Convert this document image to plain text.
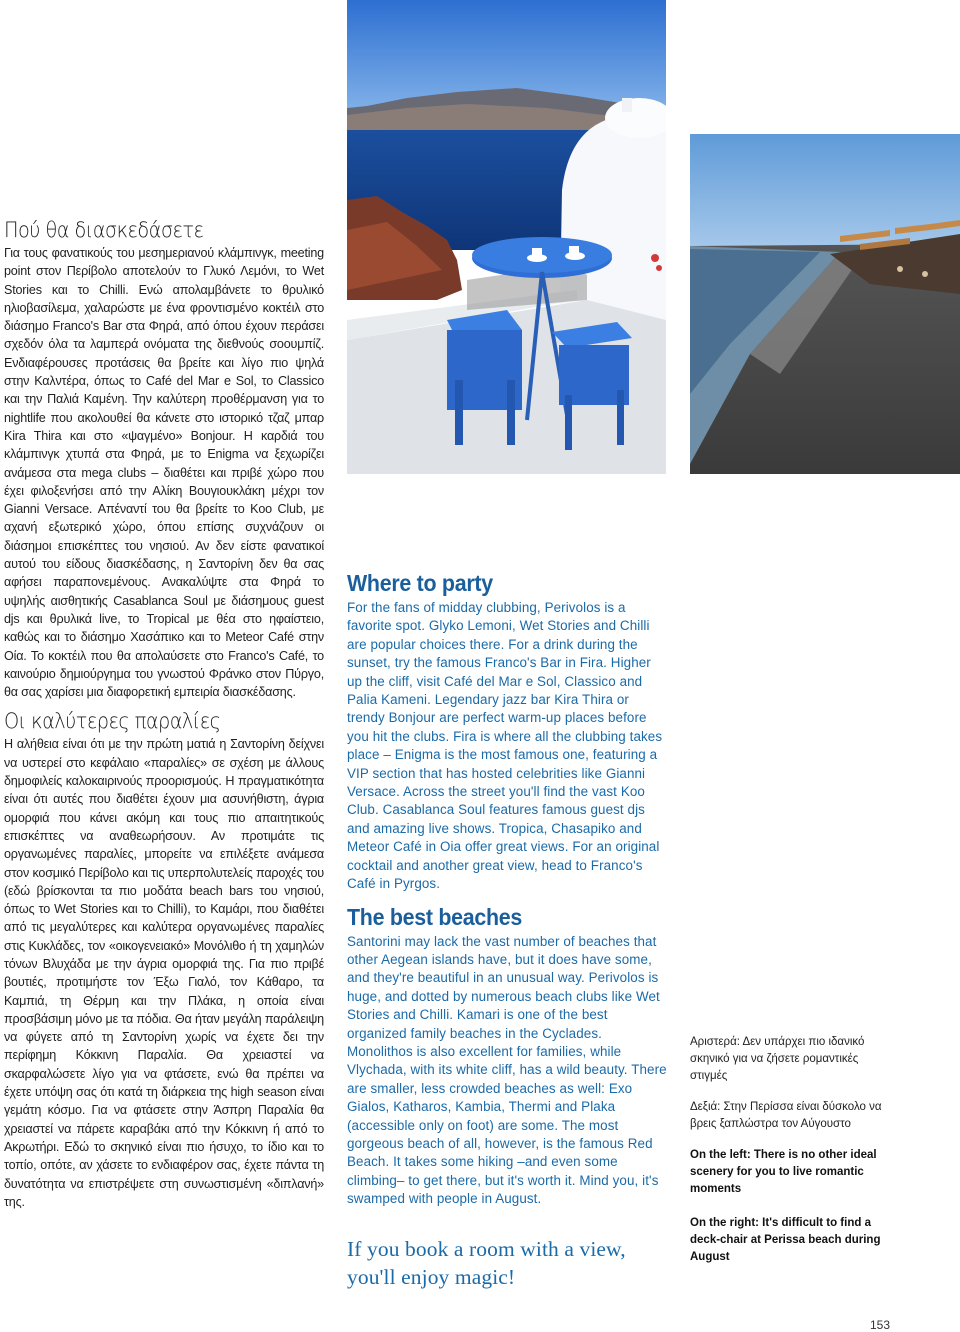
Πού θα διασκεδάσετε

Για τους φανατικούς του μεσημεριανού κλάμπινγκ, meeting point στον Περίβολο αποτελούν το Γλυκό Λεμόνι, το Wet Stories και το Chilli. Ενώ απολαμβάνετε το θρυλικό ηλιοβασίλεμα, χαλαρώστε με ένα φροντισμένο κοκτέιλ στο διάσημο Franco's Bar στα Φηρά, από όπου έχουν περάσει σχεδόν όλα τα λαμπερά ονόματα της διεθνούς σοουμπίζ. Ενδιαφέρουσες προτάσεις θα βρείτε και λίγο πιο ψηλά στην Καλντέρα, όπως το Café del Mar e Sol, το Classico και την Παλιά Καμένη. Την καλύτερη προθέρμανση για το nightlife που ακολουθεί θα κάνετε στο ιστορικό τζαζ μπαρ Kira Thira και στο «ψαγμένο» Bonjour. Η καρδιά του κλάμπινγκ χτυπά στα Φηρά, με το Enigma να ξεχωρίζει ανάμεσα στα mega clubs – διαθέτει και πριβέ χώρο που έχει φιλοξενήσει από την Αλίκη Βουγιουκλάκη μέχρι τον Gianni Versace. Απέναντί του θα βρείτε το Koo Club, με αχανή εξωτερικό χώρο, όπου επίσης συχνάζουν οι διάσημοι επισκέπτες του νησιού. Αν δεν είστε φανατικοί αυτού του είδους διασκέδασης, η Σαντορίνη δεν θα σας αφήσει παραπονεμένους. Ανακαλύψτε στα Φηρά το υψηλής αισθητικής Casablanca Soul με διάσημους guest djs και θρυλικά live, το Tropical με θέα στο ηφαίστειο, καθώς και το διάσημο Χασάπικο και το Meteor Café στην Οία. Το κοκτέιλ που θα απολαύσετε στο Franco's Café, το καινούριο δημιούργημα του γνωστού Φράνκο στον Πύργο, θα σας χαρίσει μια διαφορετική εμπειρία διασκέδασης.

Οι καλύτερες παραλίες

Η αλήθεια είναι ότι με την πρώτη ματιά η Σαντορίνη δείχνει να υστερεί στο κεφάλαιο «παραλίες» σε σχέση με άλλους δημοφιλείς καλοκαιρινούς προορισμούς. Η πραγματικότητα είναι ότι αυτές που διαθέτει έχουν μια ασυνήθιστη, άγρια ομορφιά που κάνει ακόμη και τους πιο απαιτητικούς επισκέπτες να αναθεωρήσουν. Αν προτιμάτε τις οργανωμένες παραλίες, μπορείτε να επιλέξετε ανάμεσα στον κοσμικό Περίβολο και τις υπερπολυτελείς παροχές του (εδώ βρίσκονται τα πιο μοδάτα beach bars του νησιού, όπως το Wet Stories και το Chilli), το Καμάρι, που διαθέτει από τις μεγαλύτερες και καλύτερα οργανωμένες παραλίες στις Κυκλάδες, τον «οικογενειακό» Μονόλιθο ή τη χαμηλών τόνων Βλυχάδα με την άγρια ομορφιά της. Για πιο πριβέ βουτιές, προτιμήστε τον Έξω Γιαλό, τον Κάθαρο, τα Καμπιά, τη Θέρμη και την Πλάκα, η οποία είναι προσβάσιμη μόνο με τα πόδια. Θα ήταν μεγάλη παράλειψη να φύγετε από τη Σαντορίνη χωρίς να έχετε δει την περίφημη Κόκκινη Παραλία. Θα χρειαστεί να σκαρφαλώσετε λίγο για να φτάσετε, ενώ θα πρέπει να έχετε υπόψη σας ότι κατά τη διάρκεια της high season είναι γεμάτη κόσμο. Για να φτάσετε στην Άσπρη Παραλία θα χρειαστεί να πάρετε καραβάκι από την Κόκκινη ή από το Ακρωτήρι. Εδώ το σκηνικό είναι πιο ήσυχο, το ίδιο και το τοπίο, οπότε, αν χάσετε το ενδιαφέρον σας, έχετε πάντα τη δυνατότητα να επιστρέψετε στη συνωστισμένη «διπλανή» της.

Where to party

For the fans of midday clubbing, Perivolos is a favorite spot. Glyko Lemoni, Wet Stories and Chilli are popular choices there. For a drink during the sunset, try the famous Franco's Bar in Fira. Higher up the cliff, visit Café del Mar e Sol, Classico and Palia Kameni. Legendary jazz bar Kira Thira or trendy Bonjour are perfect warm-up places before you hit the clubs. Fira is where all the clubbing takes place – Enigma is the most famous one, featuring a VIP section that has hosted celebrities like Gianni Versace. Across the street you'll find the vast Koo Club. Casablanca Soul features famous guest djs and amazing live shows. Tropica, Chasapiko and Meteor Café in Oia offer great views. For an original cocktail and another great view, head to Franco's Café in Pyrgos.

The best beaches

Santorini may lack the vast number of beaches that other Aegean islands have, but it does have some, and they're beautiful in an unusual way. Perivolos is huge, and dotted by numerous beach clubs like Wet Stories and Chilli. Kamari is one of the best organized family beaches in the Cyclades. Monolithos is also excellent for families, while Vlychada, with its white cliff, has a wild beauty. There are smaller, less crowded beaches as well: Exo Gialos, Katharos, Kambia, Thermi and Plaka (accessible only on foot) are some. The most gorgeous beach of all, however, is the famous Red Beach. It takes some hiking –and even some climbing– to get there, but it's worth it. Mind you, it's swamped with people in August.

If you book a room with a view,
you'll enjoy magic!

Αριστερά: Δεν υπάρχει πιο ιδανικό σκηνικό για να ζήσετε ρομαντικές στιγμές

Δεξιά: Στην Περίσσα είναι δύσκολο να βρεις ξαπλώστρα τον Αύγουστο

On the left: There is no other ideal scenery for you to live romantic moments

On the right: It's difficult to find a deck-chair at Perissa beach during August

153
